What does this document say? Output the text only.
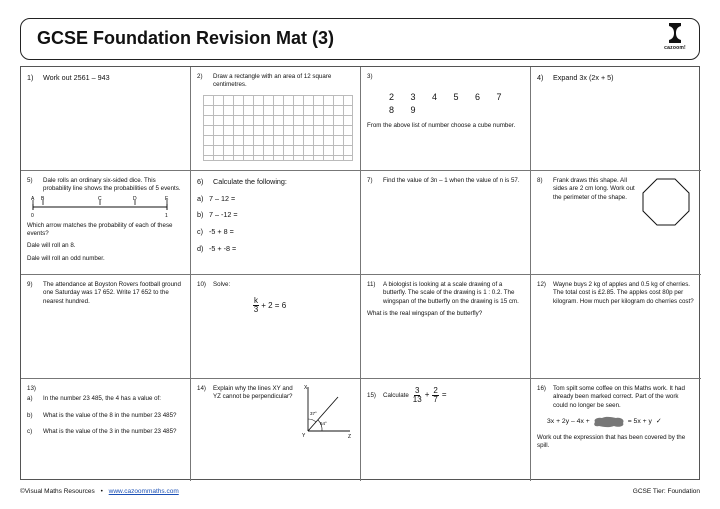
GCSE Foundation Revision Mat (3)	cazoom!
1)	Work out 2561 – 943	2)	Draw a rectangle with an area of 12 square centimetres.
3)
2 3 4 5 6 7 8 9
From the above list of number choose a cube number.
4)	Expand 3x (2x + 5)
5)	Dale rolls an ordinary six-sided dice. This probability line shows the probabilities of 5 events.
A B	C	D	E
0	1
Which arrow matches the probability of each of these events?
Dale will roll an 8.
Dale will roll an odd number.
6)	Calculate the following:
a) 7 – 12 =
b) 7 – -12 =
c) -5 + 8 =
d) -5 + -8 =
7)	Find the value of 3n – 1 when the value of n is 57.	8)	Frank draws this shape. All sides are 2 cm long. Work out the perimeter of the shape.
9)	The attendance at Boyston Rovers football ground one Saturday was 17 652. Write 17 652 to the nearest hundred.
10)	Solve:
$\frac{k}{3} + 2 = 6$
11)	A biologist is looking at a scale drawing of a butterfly. The scale of the drawing is 1 : 0.2. The wingspan of the butterfly on the drawing is 15 cm.
What is the real wingspan of the butterfly?
12)	Wayne buys 2 kg of apples and 0.5 kg of cherries. The total cost is £2.85. The apples cost 80p per kilogram. How much per kilogram do cherries cost?
13)
a)	In the number 23 485, the 4 has a value of:
b)	What is the value of the 8 in the number 23 485?
c)	What is the value of the 3 in the number 23 485?
14)	Explain why the lines XY and YZ cannot be perpendicular?
X
Y	Z
37°
54°
15)	Calculate $\frac{3}{13} + \frac{2}{7}$ =
16)	Tom spilt some coffee on this Maths work. It had already been marked correct. Part of the work could no longer be seen.
3x + 2y – 4x +	= 5x + y ✓
Work out the expression that has been covered by the spill.
©Visual Maths Resources • www.cazoommaths.com	GCSE Tier: Foundation
